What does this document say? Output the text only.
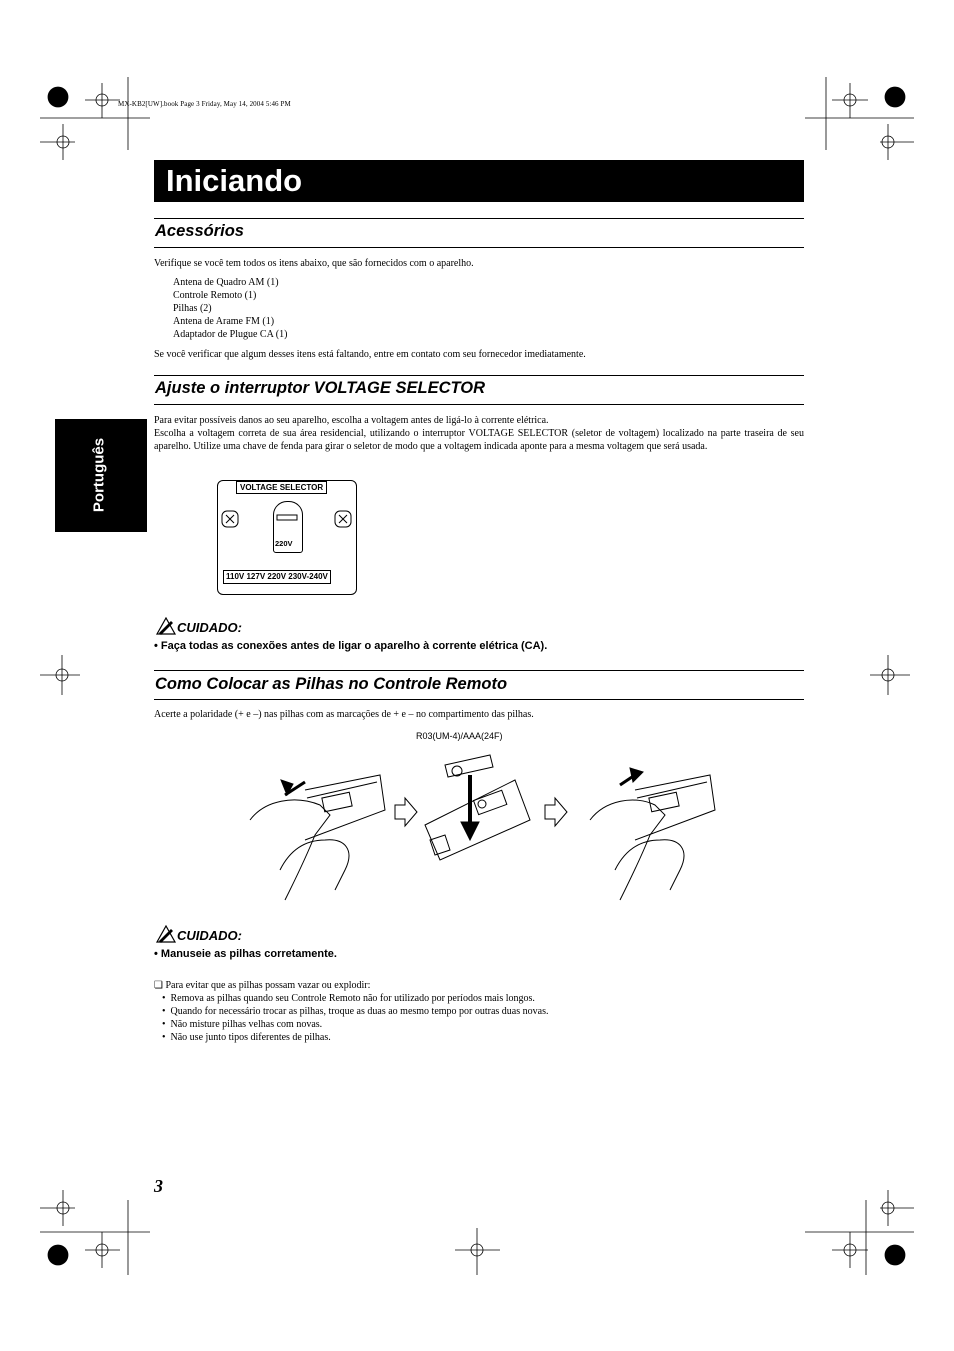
MX-KB2[UW].book Page 3 Friday, May 14, 2004 5:46 PM
Iniciando
Português
Acessórios
Verifique se você tem todos os itens abaixo, que são fornecidos com o aparelho.
Antena de Quadro AM (1)
Controle Remoto (1)
Pilhas (2)
Antena de Arame FM (1)
Adaptador de Plugue CA (1)
Se você verificar que algum desses itens está faltando, entre em contato com seu fornecedor imediatamente.
Ajuste o interruptor VOLTAGE SELECTOR
Para evitar possíveis danos ao seu aparelho, escolha a voltagem antes de ligá-lo à corrente elétrica.
Escolha a voltagem correta de sua área residencial, utilizando o interruptor VOLTAGE SELECTOR (seletor de voltagem) localizado na parte traseira de seu aparelho. Utilize uma chave de fenda para girar o seletor de modo que a voltagem indicada aponte para a mesma voltagem que será usada.
VOLTAGE SELECTOR
220V
110V 127V 220V 230V-240V
CUIDADO:
• Faça todas as conexões antes de ligar o aparelho à corrente elétrica (CA).
Como Colocar as Pilhas no Controle Remoto
Acerte a polaridade (+ e –) nas pilhas com as marcações de + e – no compartimento das pilhas.
R03(UM-4)/AAA(24F)
CUIDADO:
• Manuseie as pilhas corretamente.
❏ Para evitar que as pilhas possam vazar ou explodir:
•  Remova as pilhas quando seu Controle Remoto não for utilizado por períodos mais longos.
•  Quando for necessário trocar as pilhas, troque as duas ao mesmo tempo por outras duas novas.
•  Não misture pilhas velhas com novas.
•  Não use junto tipos diferentes de pilhas.
3
